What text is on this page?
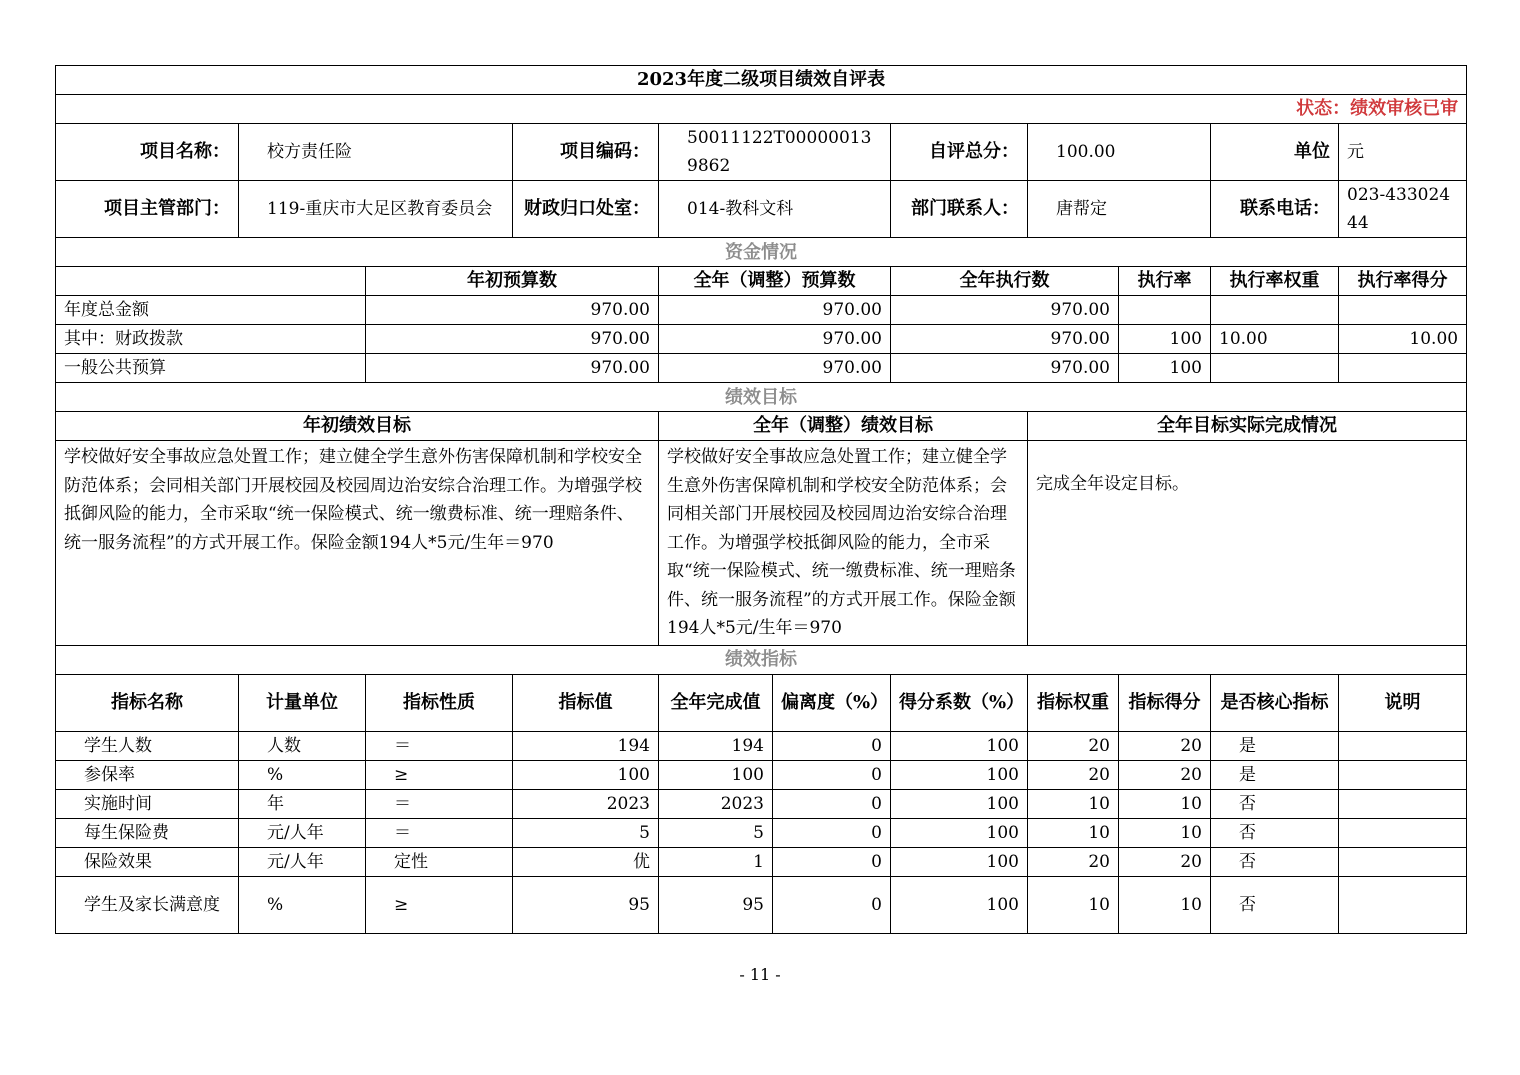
2023年度二级项目绩效自评表										
状态：绩效审核已审										
项目名称：	校方责任险		项目编码：	50011122T000000139862		自评总分：	100.00		单位	元
项目主管部门：	119-重庆市大足区教育委员会		财政归口处室：	014-教科文科		部门联系人：	唐帮定		联系电话：	023-43302444
资金情况										
		年初预算数		全年（调整）预算数		全年执行数		执行率	执行率权重	执行率得分
年度总金额		970.00		970.00		970.00				
其中：财政拨款		970.00		970.00		970.00		100	10.00	10.00
一般公共预算		970.00		970.00		970.00		100		
绩效目标										
年初绩效目标				全年（调整）绩效目标			全年目标实际完成情况			
学校做好安全事故应急处置工作；建立健全学生意外伤害保障机制和学校安全防范体系；会同相关部门开展校园及校园周边治安综合治理工作。为增强学校抵御风险的能力，全市采取“统一保险模式、统一缴费标准、统一理赔条件、统一服务流程”的方式开展工作。保险金额194人*5元/生年＝970				学校做好安全事故应急处置工作；建立健全学生意外伤害保障机制和学校安全防范体系；会同相关部门开展校园及校园周边治安综合治理工作。为增强学校抵御风险的能力，全市采取“统一保险模式、统一缴费标准、统一理赔条件、统一服务流程”的方式开展工作。保险金额194人*5元/生年＝970			完成全年设定目标。			
绩效指标										
指标名称	计量单位	指标性质	指标值	全年完成值	偏离度（%）	得分系数（%）	指标权重	指标得分	是否核心指标	说明
学生人数	人数	＝	194	194	0	100	20	20	是	
参保率	%	≥	100	100	0	100	20	20	是	
实施时间	年	＝	2023	2023	0	100	10	10	否	
每生保险费	元/人年	＝	5	5	0	100	10	10	否	
保险效果	元/人年	定性	优	1	0	100	20	20	否	
学生及家长满意度	%	≥	95	95	0	100	10	10	否	
- 11 -
